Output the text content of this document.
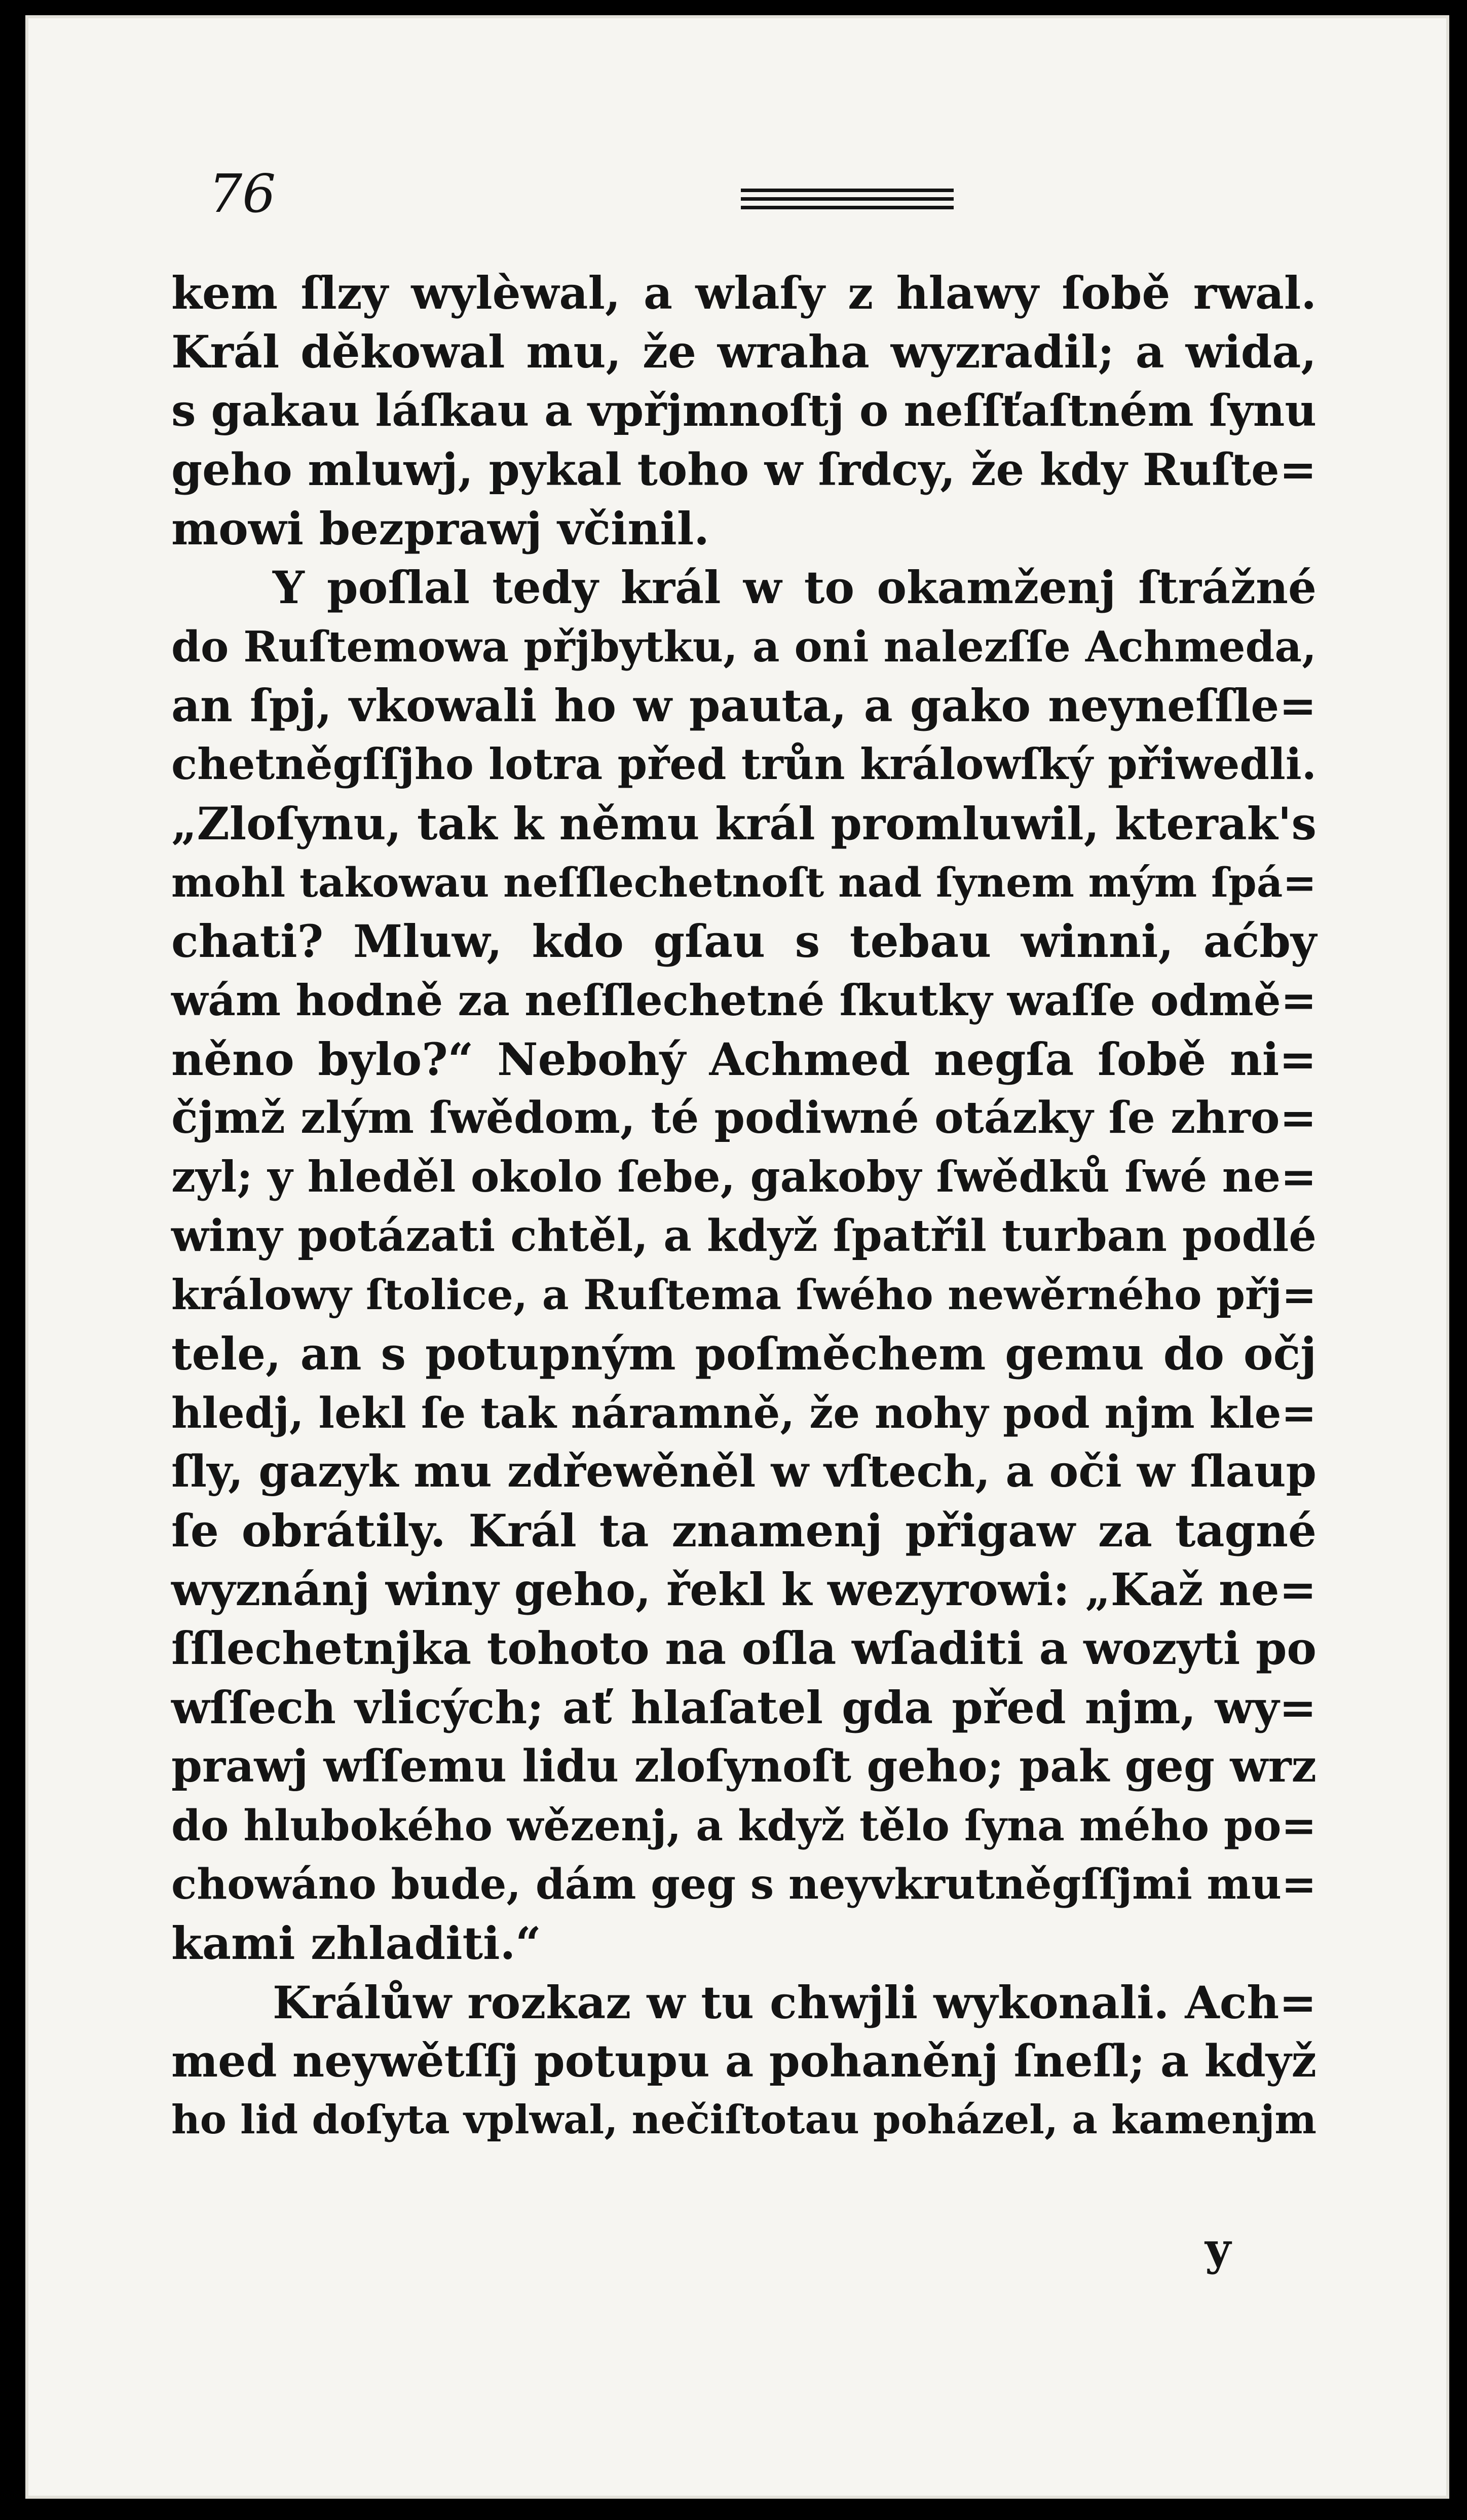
76
kem ſlzy wylèwal, a wlaſy z hlawy ſobě rwal.
Král děkowal mu, že wraha wyzradil; a wida,
s gakau láſkau a vpřjmnoſtj o neſſťaſtném ſynu
geho mluwj, pykal toho w ſrdcy, že kdy Ruſte=
mowi bezprawj včinil.
Y poſlal tedy král w to okamženj ſtrážné
do Ruſtemowa přjbytku, a oni nalezſſe Achmeda,
an ſpj, vkowali ho w pauta, a gako neyneſſle=
chetněgſſjho lotra před trůn králowſký přiwedli.
„Zloſynu, tak k němu král promluwil, kterak's
mohl takowau neſſlechetnoſt nad ſynem mým ſpá=
chati? Mluw, kdo gſau s tebau winni, aćby
wám hodně za neſſlechetné ſkutky waſſe odmě=
něno bylo?“ Nebohý Achmed negſa ſobě ni=
čjmž zlým ſwědom, té podiwné otázky ſe zhro=
zyl; y hleděl okolo ſebe, gakoby ſwědků ſwé ne=
winy potázati chtěl, a když ſpatřil turban podlé
králowy ſtolice, a Ruſtema ſwého newěrného přj=
tele, an s potupným poſměchem gemu do očj
hledj, lekl ſe tak náramně, že nohy pod njm kle=
ſly, gazyk mu zdřewěněl w vſtech, a oči w ſlaup
ſe obrátily. Král ta znamenj přigaw za tagné
wyznánj winy geho, řekl k wezyrowi: „Kaž ne=
ſſlechetnjka tohoto na oſla wſaditi a wozyti po
wſſech vlicých; ať hlaſatel gda před njm, wy=
prawj wſſemu lidu zloſynoſt geho; pak geg wrz
do hlubokého wězenj, a když tělo ſyna mého po=
chowáno bude, dám geg s neyvkrutněgſſjmi mu=
kami zhladiti.“
Králůw rozkaz w tu chwjli wykonali. Ach=
med neywětſſj potupu a pohaněnj ſneſl; a když
ho lid doſyta vplwal, nečiſtotau poházel, a kamenjm
y
